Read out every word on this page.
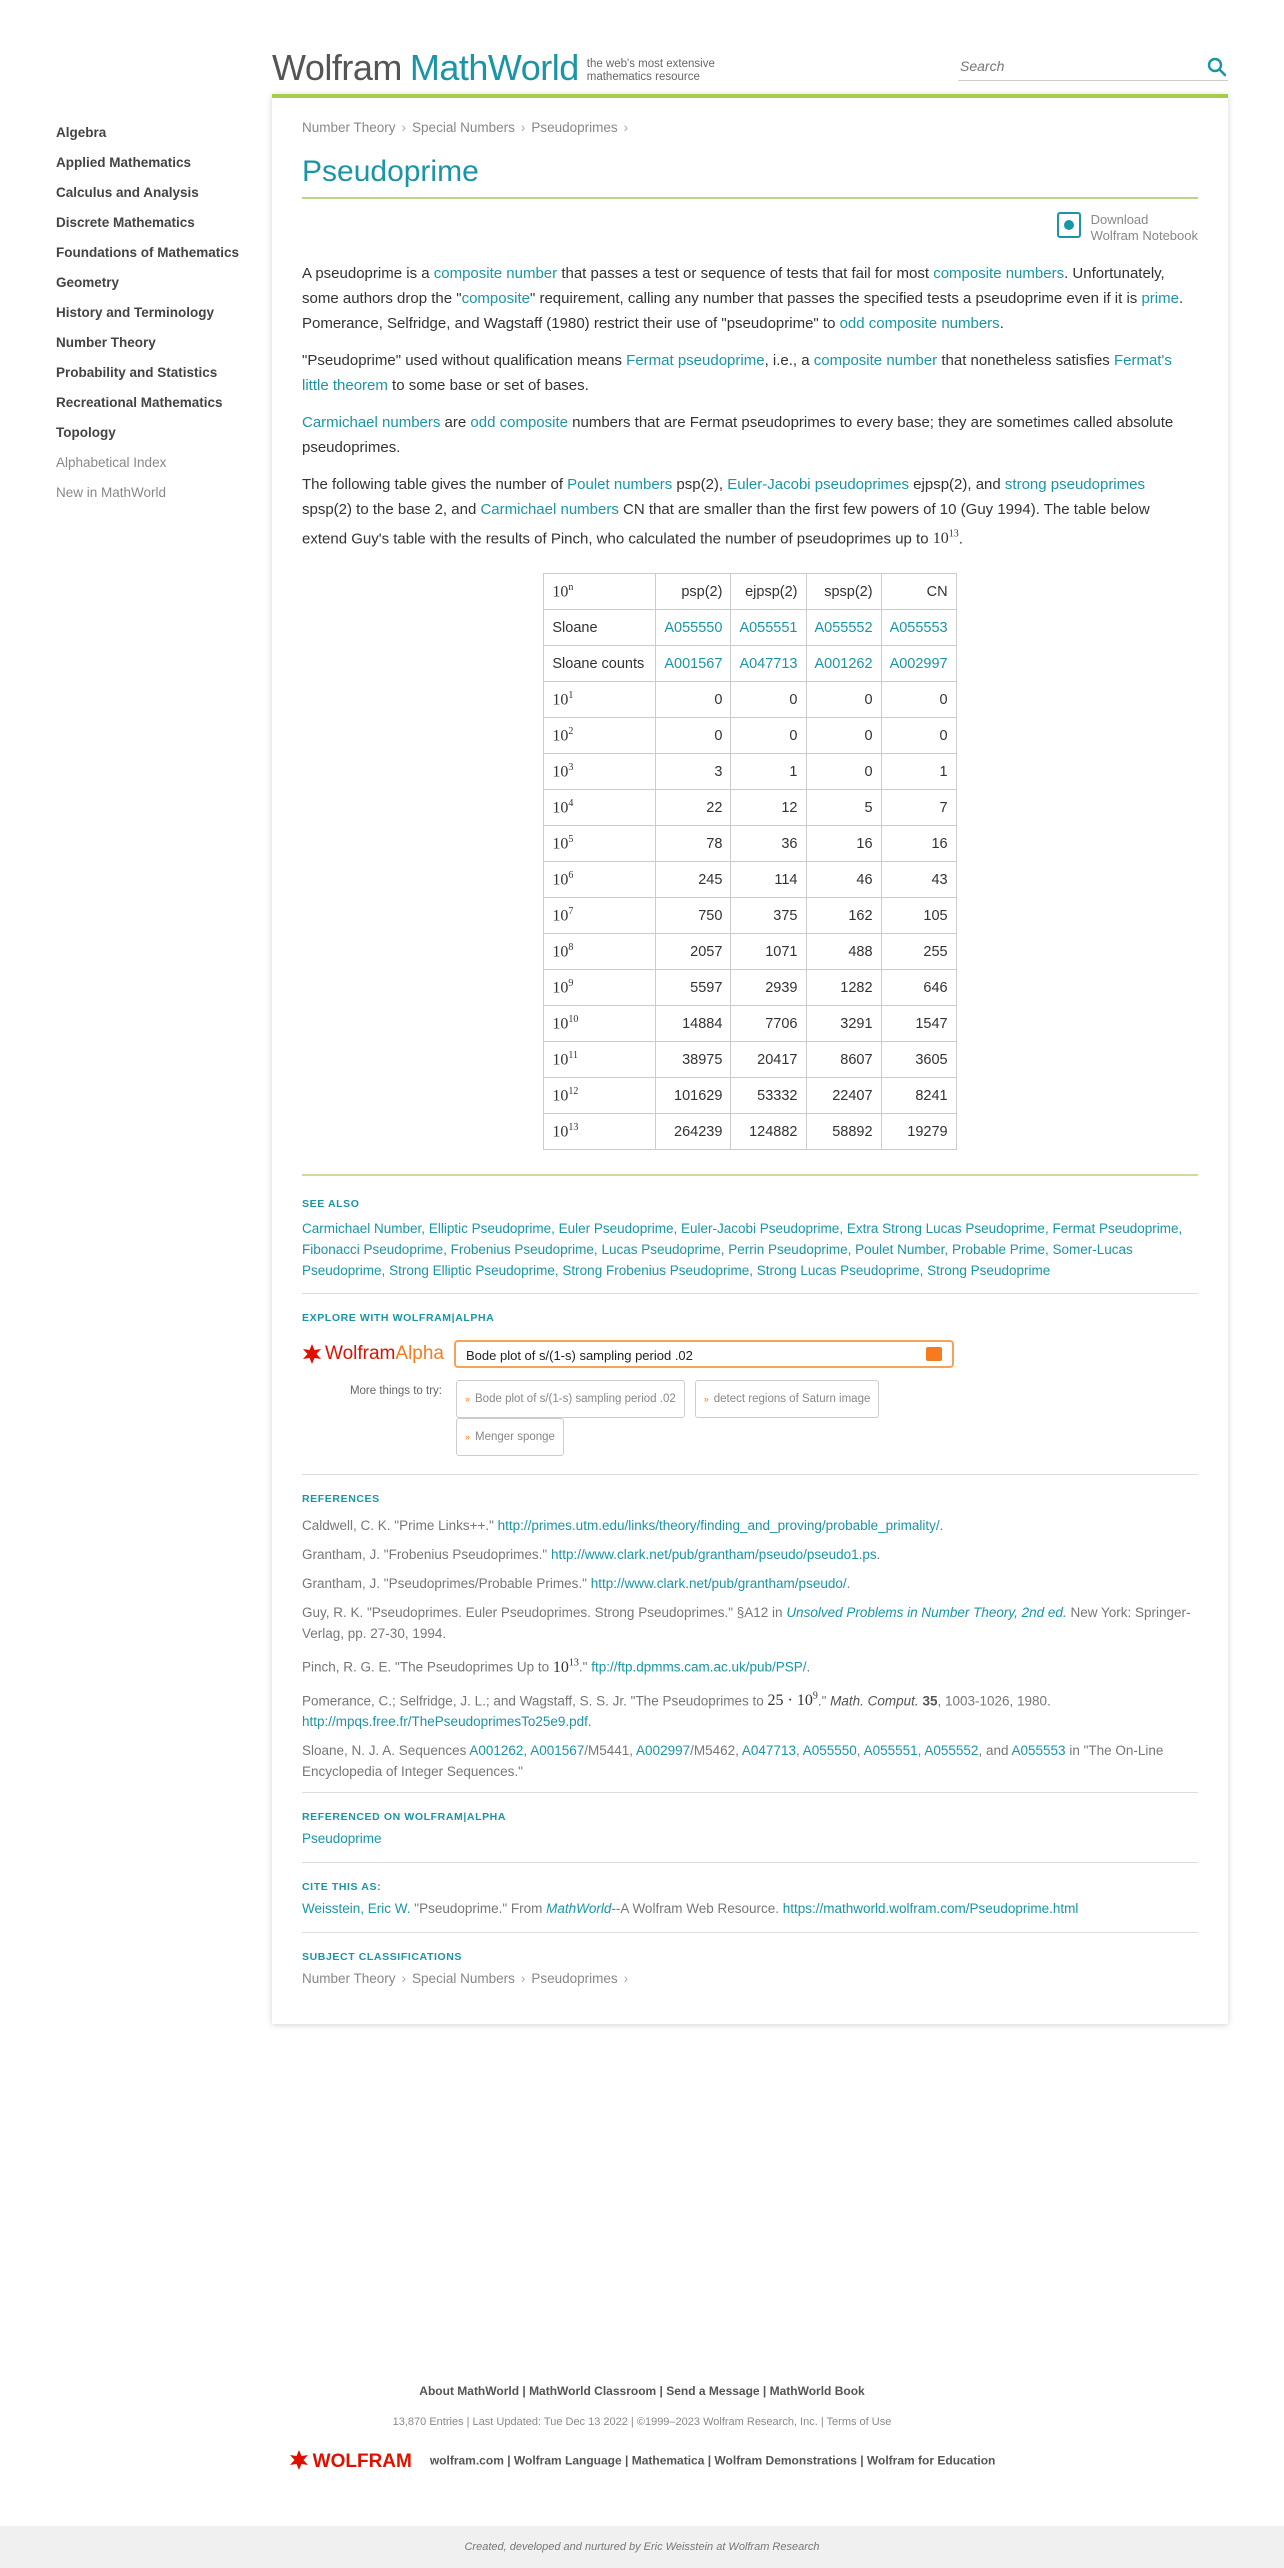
Wolfram MathWorld the web's most extensive mathematics resource
Search
Algebra
Applied Mathematics
Calculus and Analysis
Discrete Mathematics
Foundations of Mathematics
Geometry
History and Terminology
Number Theory
Probability and Statistics
Recreational Mathematics
Topology
Alphabetical Index
New in MathWorld
Number Theory › Special Numbers › Pseudoprimes ›
Pseudoprime
Download
Wolfram Notebook

A pseudoprime is a composite number that passes a test or sequence of tests that fail for most composite numbers. Unfortunately, some authors drop the "composite" requirement, calling any number that passes the specified tests a pseudoprime even if it is prime. Pomerance, Selfridge, and Wagstaff (1980) restrict their use of "pseudoprime" to odd composite numbers.

"Pseudoprime" used without qualification means Fermat pseudoprime, i.e., a composite number that nonetheless satisfies Fermat's little theorem to some base or set of bases.

Carmichael numbers are odd composite numbers that are Fermat pseudoprimes to every base; they are sometimes called absolute pseudoprimes.

The following table gives the number of Poulet numbers psp(2), Euler-Jacobi pseudoprimes ejpsp(2), and strong pseudoprimes spsp(2) to the base 2, and Carmichael numbers CN that are smaller than the first few powers of 10 (Guy 1994). The table below extend Guy's table with the results of Pinch, who calculated the number of pseudoprimes up to $10^{13}$.

10$^n$	psp(2)	ejpsp(2)	spsp(2)	CN
Sloane	A055550	A055551	A055552	A055553
Sloane counts	A001567	A047713	A001262	A002997
$10^1$	0	0	0	0
$10^2$	0	0	0	0
$10^3$	3	1	0	1
$10^4$	22	12	5	7
$10^5$	78	36	16	16
$10^6$	245	114	46	43
$10^7$	750	375	162	105
$10^8$	2057	1071	488	255
$10^9$	5597	2939	1282	646
$10^{10}$	14884	7706	3291	1547
$10^{11}$	38975	20417	8607	3605
$10^{12}$	101629	53332	22407	8241
$10^{13}$	264239	124882	58892	19279
SEE ALSO
Carmichael Number, Elliptic Pseudoprime, Euler Pseudoprime, Euler-Jacobi Pseudoprime, Extra Strong Lucas Pseudoprime, Fermat Pseudoprime, Fibonacci Pseudoprime, Frobenius Pseudoprime, Lucas Pseudoprime, Perrin Pseudoprime, Poulet Number, Probable Prime, Somer-Lucas Pseudoprime, Strong Elliptic Pseudoprime, Strong Frobenius Pseudoprime, Strong Lucas Pseudoprime, Strong Pseudoprime
EXPLORE WITH WOLFRAM|ALPHA
Wolfram Alpha	Bode plot of s/(1-s) sampling period .02
More things to try:
» Bode plot of s/(1-s) sampling period .02	» detect regions of Saturn image» Menger sponge
REFERENCES

Caldwell, C. K. "Prime Links++." http://primes.utm.edu/links/theory/finding_and_proving/probable_primality/.

Grantham, J. "Frobenius Pseudoprimes." http://www.clark.net/pub/grantham/pseudo/pseudo1.ps.

Grantham, J. "Pseudoprimes/Probable Primes." http://www.clark.net/pub/grantham/pseudo/.

Guy, R. K. "Pseudoprimes. Euler Pseudoprimes. Strong Pseudoprimes." §A12 in Unsolved Problems in Number Theory, 2nd ed. New York: Springer-Verlag, pp. 27-30, 1994.

Pinch, R. G. E. "The Pseudoprimes Up to $10^{13}$." ftp://ftp.dpmms.cam.ac.uk/pub/PSP/.

Pomerance, C.; Selfridge, J. L.; and Wagstaff, S. S. Jr. "The Pseudoprimes to $25 \cdot 10^9$." Math. Comput. 35, 1003-1026, 1980.
http://mpqs.free.fr/ThePseudoprimesTo25e9.pdf.

Sloane, N. J. A. Sequences A001262, A001567/M5441, A002997/M5462, A047713, A055550, A055551, A055552, and A055553 in "The On-Line Encyclopedia of Integer Sequences."

REFERENCED ON WOLFRAM|ALPHA
Pseudoprime
CITE THIS AS:
Weisstein, Eric W. "Pseudoprime." From MathWorld--A Wolfram Web Resource. https://mathworld.wolfram.com/Pseudoprime.html
SUBJECT CLASSIFICATIONS
Number Theory › Special Numbers › Pseudoprimes ›
About MathWorld | MathWorld Classroom | Send a Message | MathWorld Book
13,870 Entries | Last Updated: Tue Dec 13 2022 | ©1999–2023 Wolfram Research, Inc. | Terms of Use
WOLFRAM wolfram.com | Wolfram Language | Mathematica | Wolfram Demonstrations | Wolfram for Education
Created, developed and nurtured by Eric Weisstein at Wolfram Research
